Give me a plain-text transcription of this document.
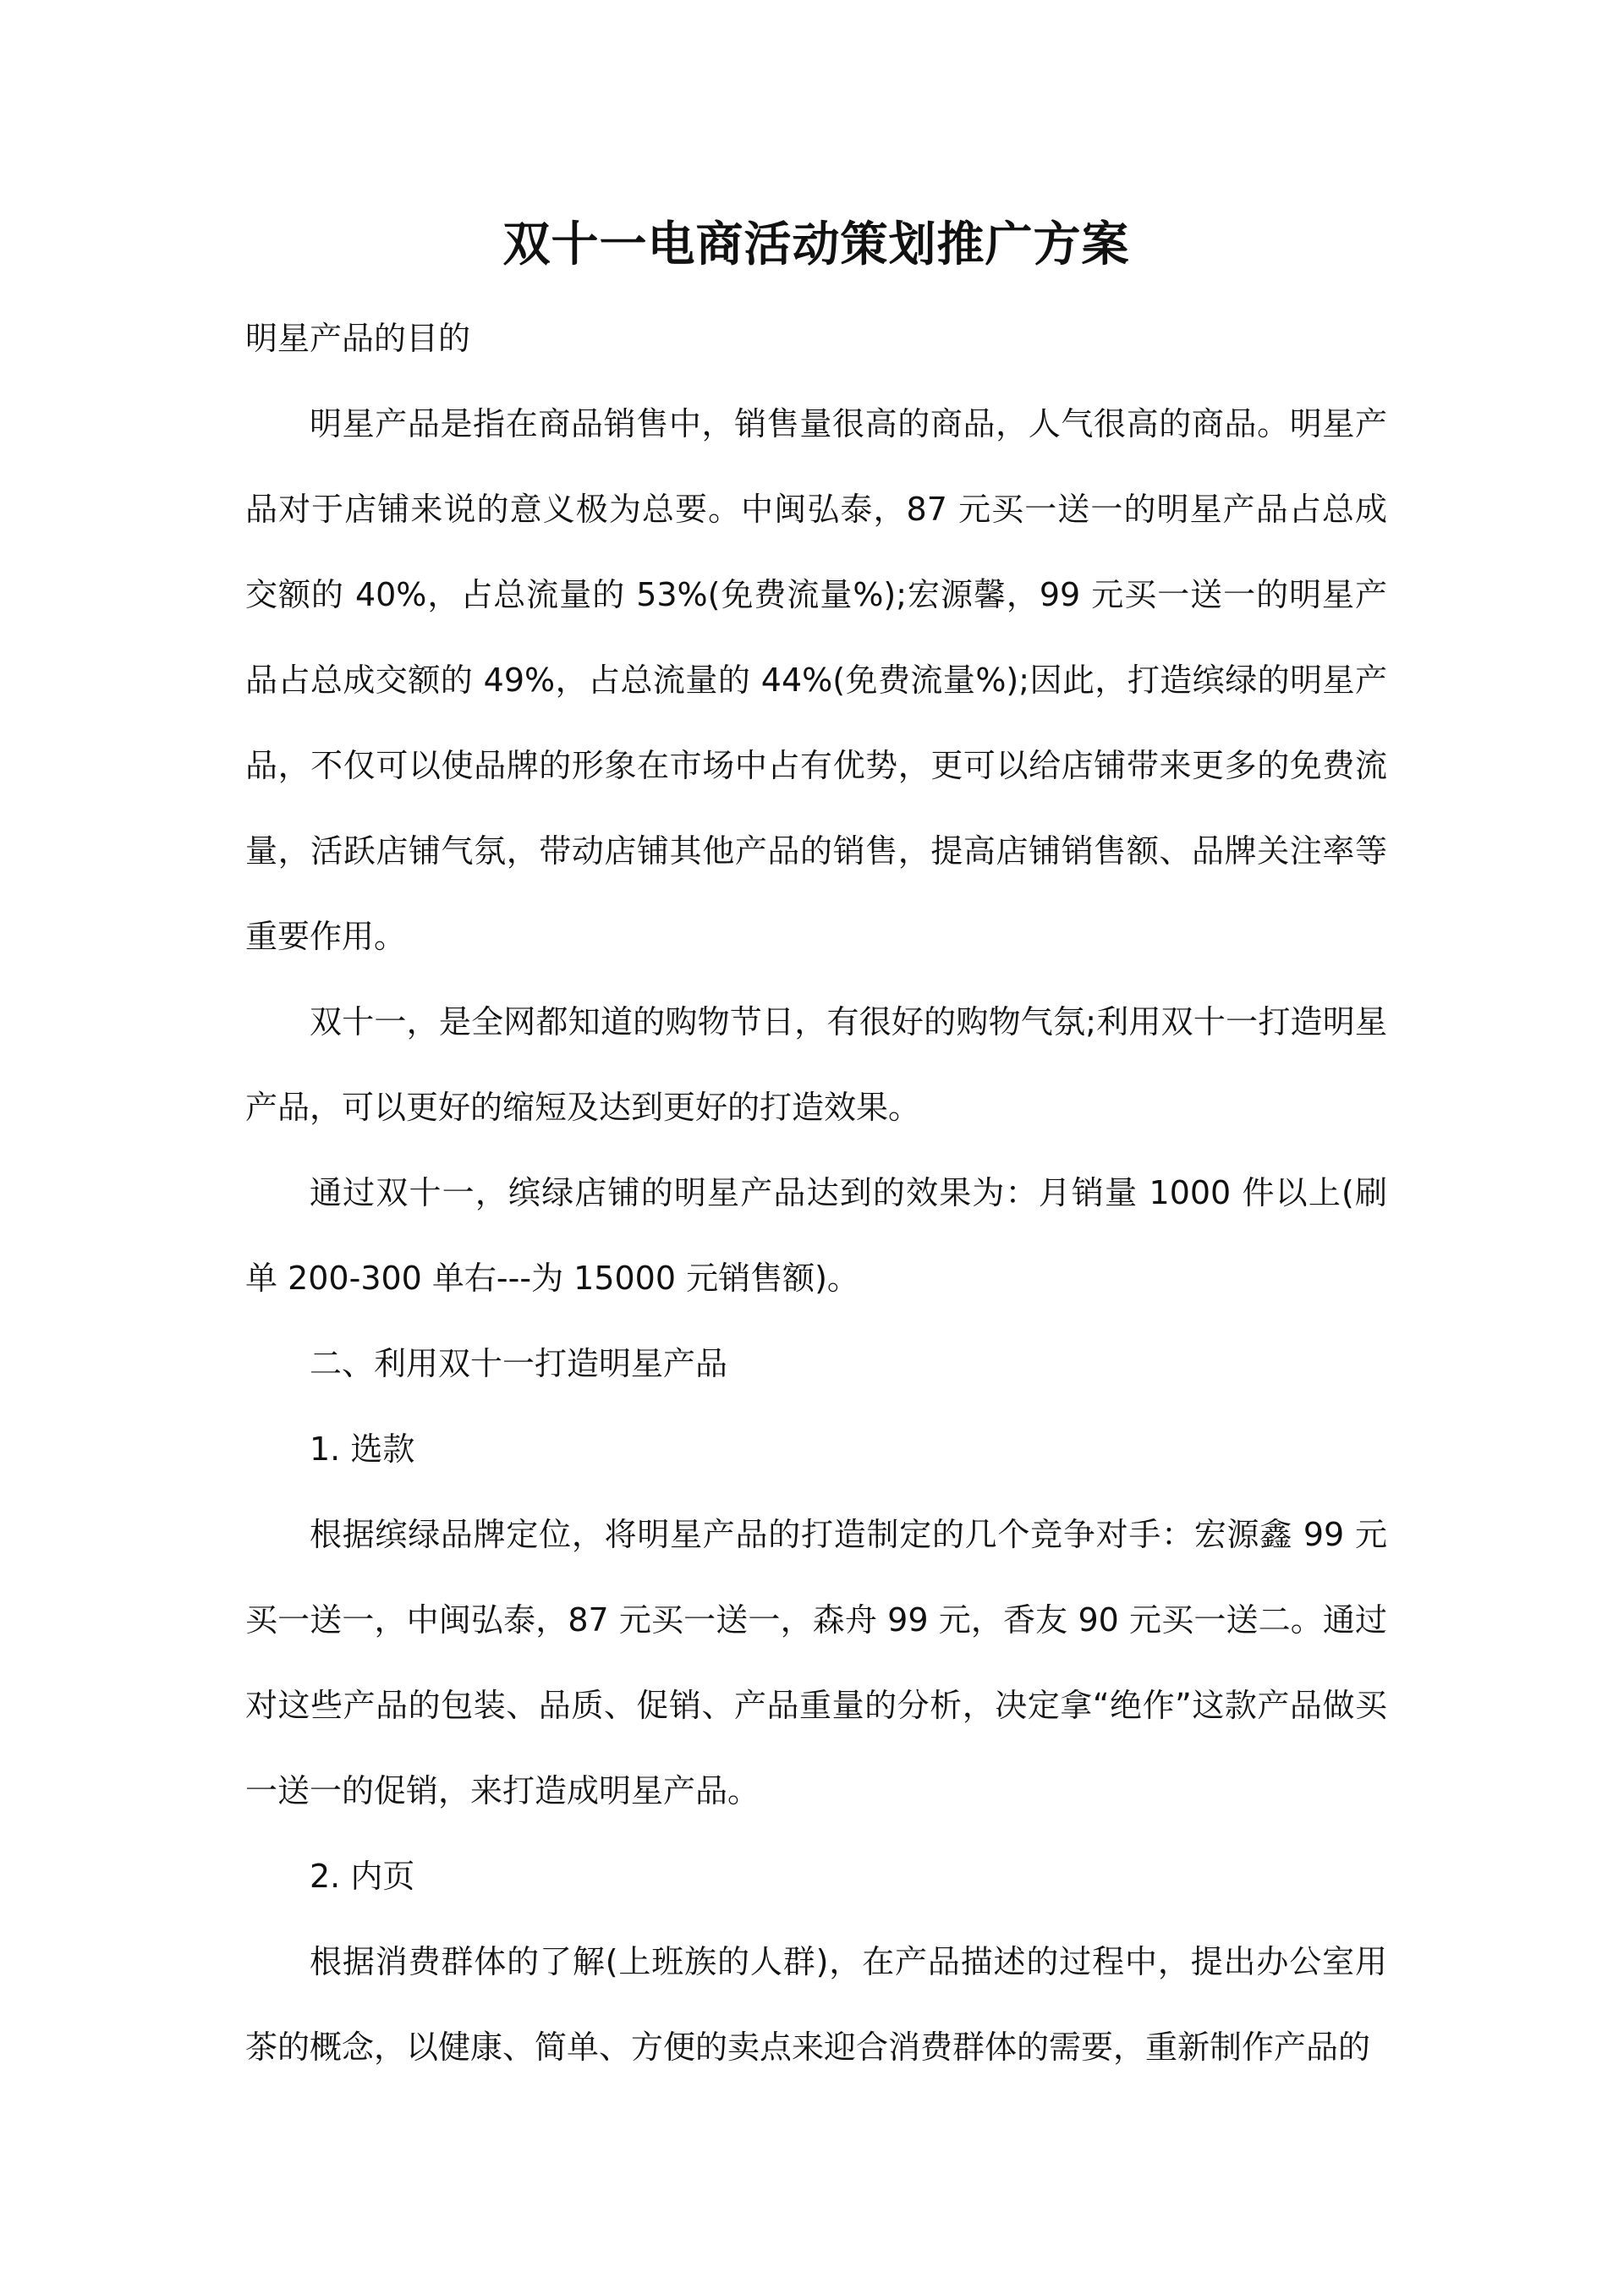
双十一电商活动策划推广方案

明星产品的目的

明星产品是指在商品销售中，销售量很高的商品，人气很高的商品。明星产品对于店铺来说的意义极为总要。中闽弘泰，87 元买一送一的明星产品占总成交额的 40%，占总流量的 53%(免费流量%);宏源馨，99 元买一送一的明星产品占总成交额的 49%，占总流量的 44%(免费流量%);因此，打造缤绿的明星产品，不仅可以使品牌的形象在市场中占有优势，更可以给店铺带来更多的免费流量，活跃店铺气氛，带动店铺其他产品的销售，提高店铺销售额、品牌关注率等重要作用。

双十一，是全网都知道的购物节日，有很好的购物气氛;利用双十一打造明星产品，可以更好的缩短及达到更好的打造效果。

通过双十一，缤绿店铺的明星产品达到的效果为：月销量 1000 件以上(刷单 200-300 单右---为 15000 元销售额)。

二、利用双十一打造明星产品

1. 选款

根据缤绿品牌定位，将明星产品的打造制定的几个竞争对手：宏源鑫 99 元买一送一，中闽弘泰，87 元买一送一，森舟 99 元，香友 90 元买一送二。通过对这些产品的包装、品质、促销、产品重量的分析，决定拿“绝作”这款产品做买一送一的促销，来打造成明星产品。

2. 内页

根据消费群体的了解(上班族的人群)，在产品描述的过程中，提出办公室用茶的概念，以健康、简单、方便的卖点来迎合消费群体的需要，重新制作产品的
